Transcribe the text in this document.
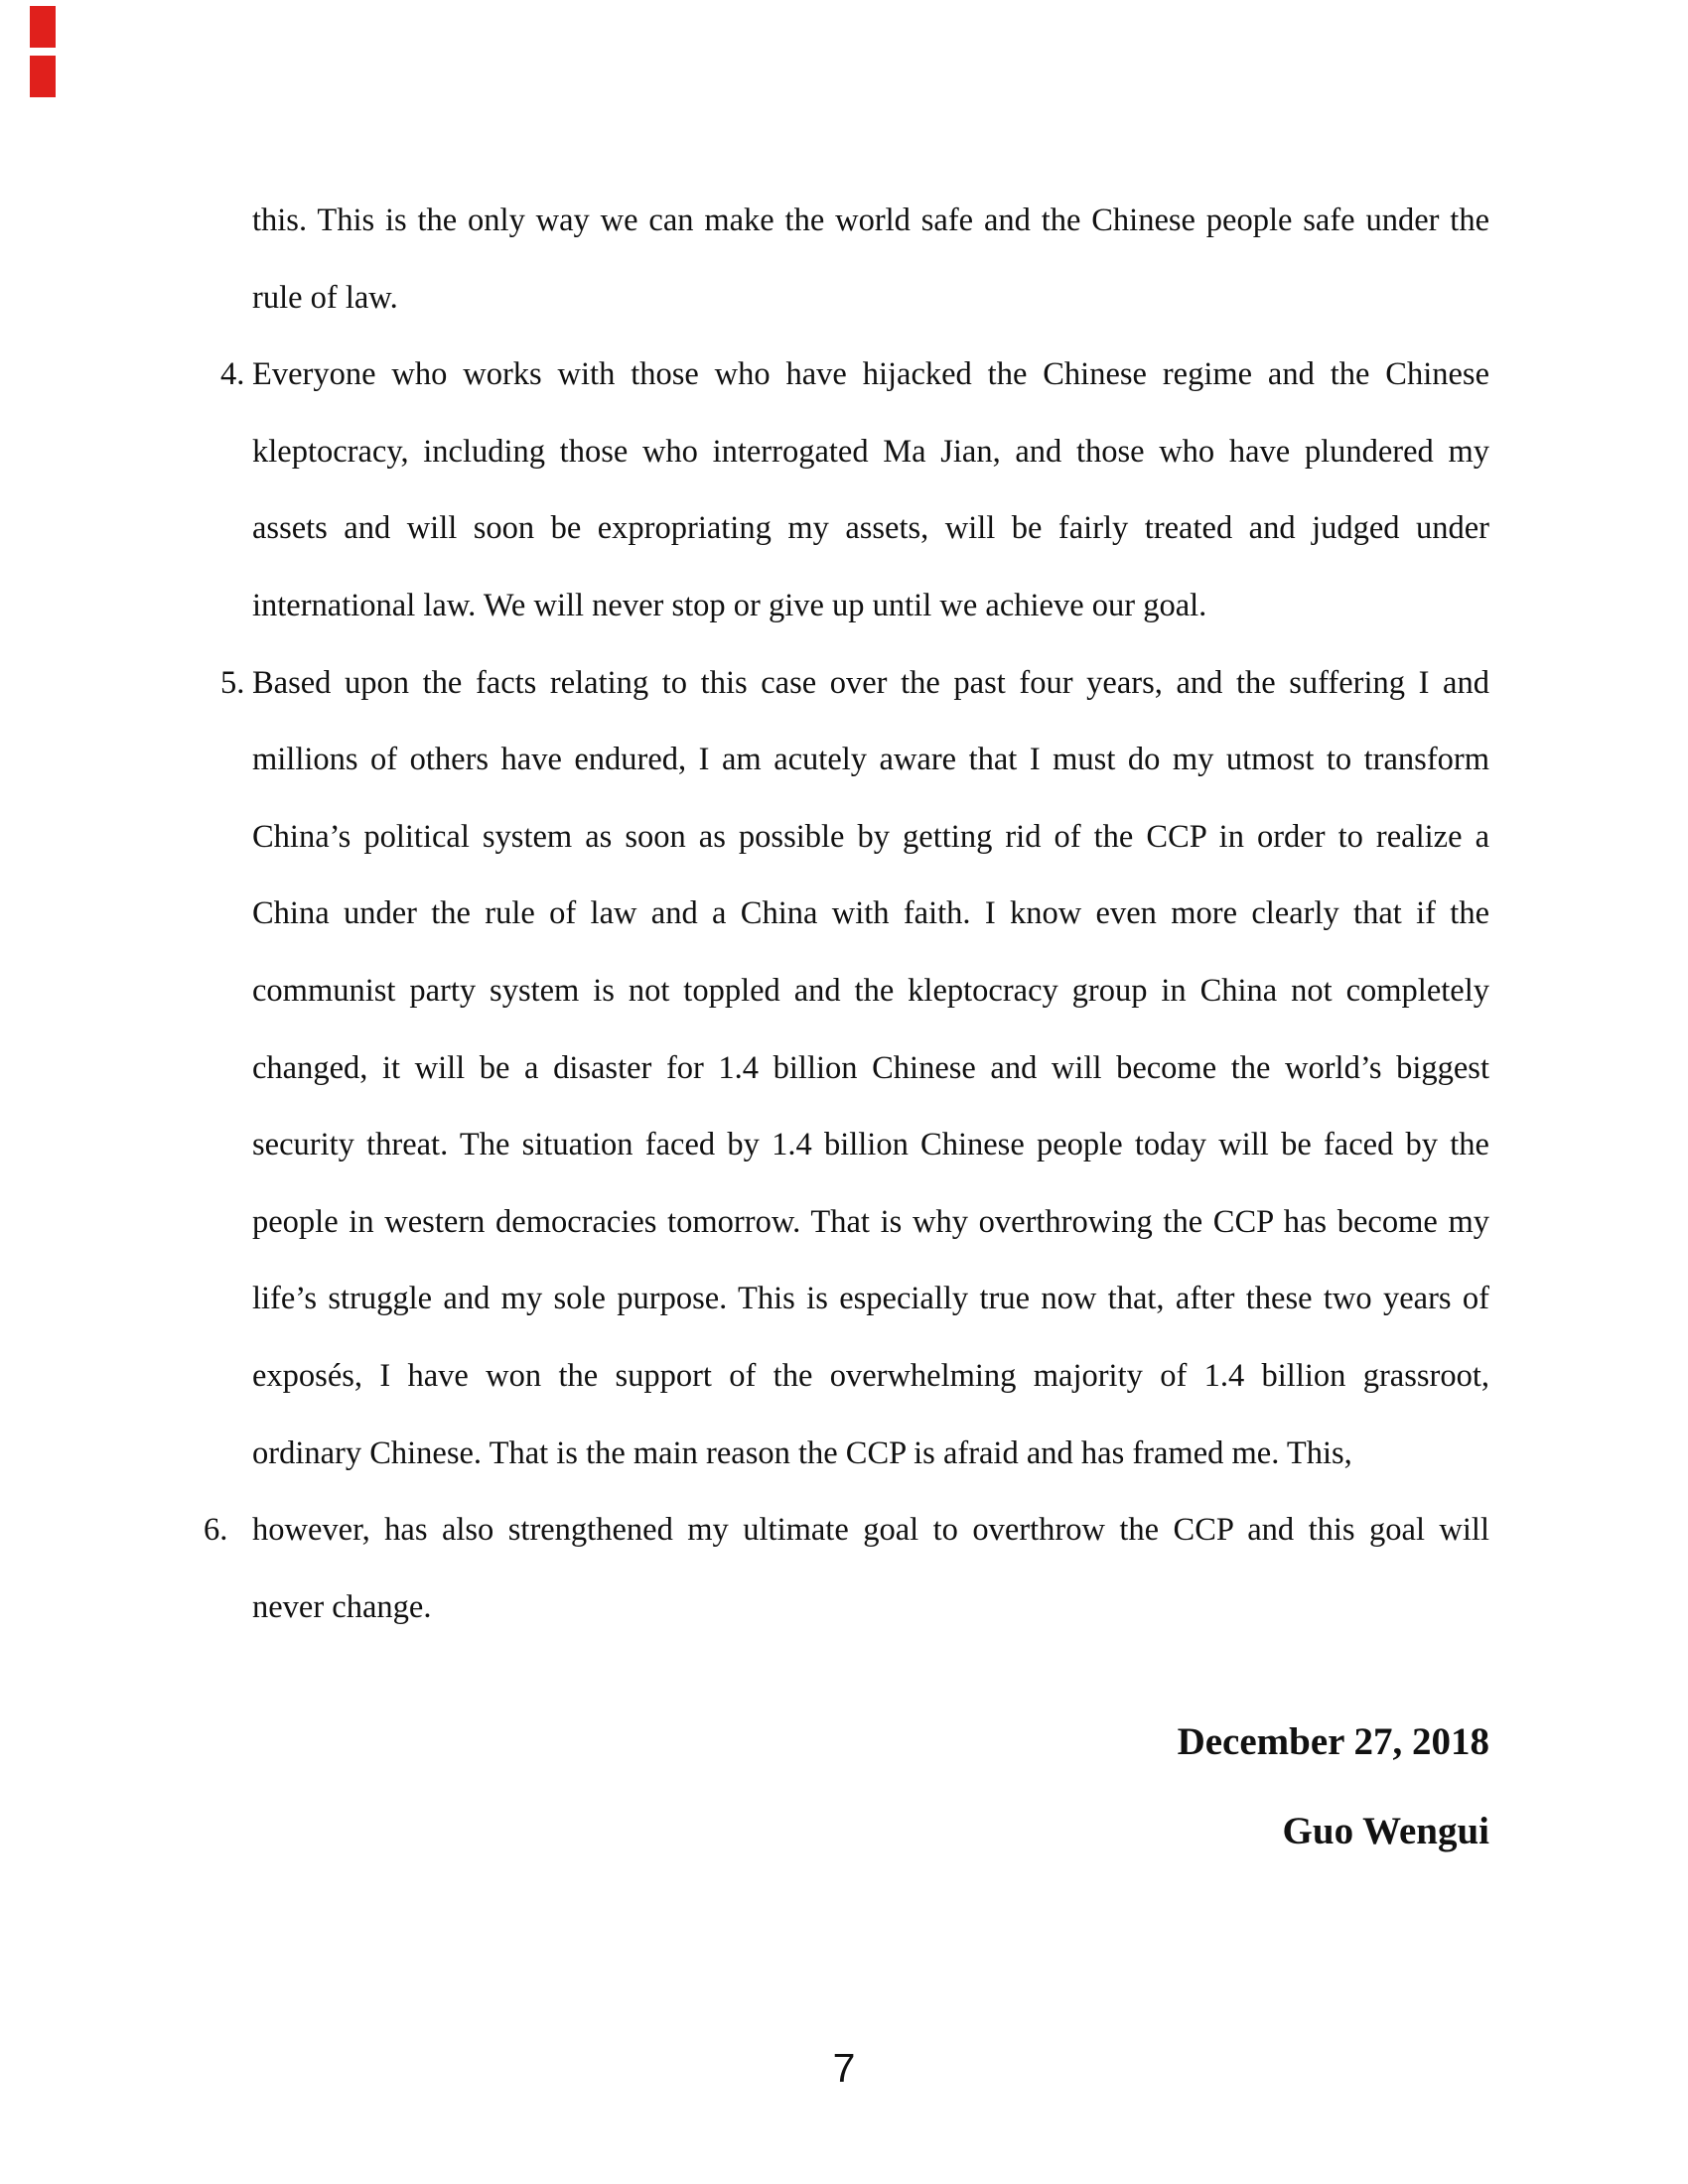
this. This is the only way we can make the world safe and the Chinese people safe under the
rule of law.
4. Everyone who works with those who have hijacked the Chinese regime and the Chinese
kleptocracy, including those who interrogated Ma Jian, and those who have plundered my
assets and will soon be expropriating my assets, will be fairly treated and judged under
international law. We will never stop or give up until we achieve our goal.
5. Based upon the facts relating to this case over the past four years, and the suffering I and
millions of others have endured, I am acutely aware that I must do my utmost to transform
China’s political system as soon as possible by getting rid of the CCP in order to realize a
China under the rule of law and a China with faith. I know even more clearly that if the
communist party system is not toppled and the kleptocracy group in China not completely
changed, it will be a disaster for 1.4 billion Chinese and will become the world’s biggest
security threat. The situation faced by 1.4 billion Chinese people today will be faced by the
people in western democracies tomorrow. That is why overthrowing the CCP has become my
life’s struggle and my sole purpose. This is especially true now that, after these two years of
exposés, I have won the support of the overwhelming majority of 1.4 billion grassroot,
ordinary Chinese. That is the main reason the CCP is afraid and has framed me. This,
6. however, has also strengthened my ultimate goal to overthrow the CCP and this goal will
never change.
December 27, 2018
Guo Wengui
7
